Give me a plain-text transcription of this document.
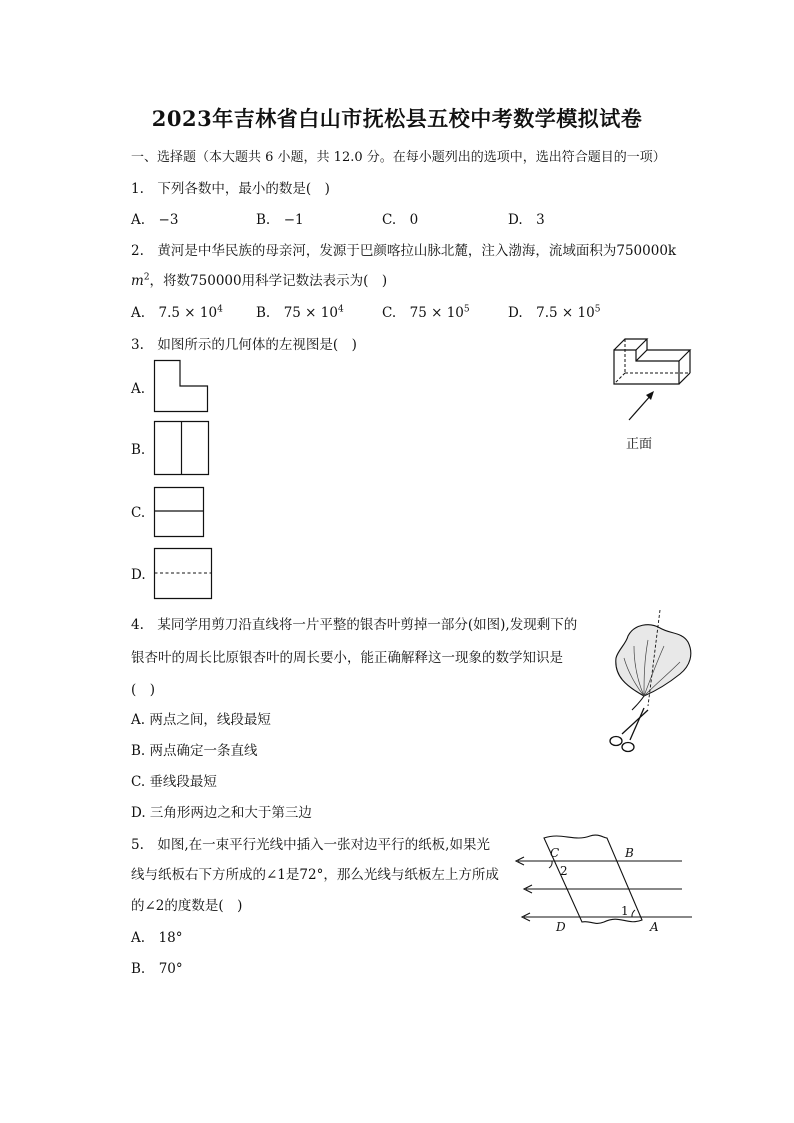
2023年吉林省白山市抚松县五校中考数学模拟试卷
一、选择题（本大题共 6 小题，共 12.0 分。在每小题列出的选项中，选出符合题目的一项）
1.　下列各数中，最小的数是(　)
A.　−3	B.　−1	C.　0	D.　3
2.　黄河是中华民族的母亲河，发源于巴颜喀拉山脉北麓，注入渤海，流域面积为750000k
$m^2$，将数750000用科学记数法表示为(　)
A.　$7.5 \times 10^4$ B.　$75 \times 10^4$	C.　$75 \times 10^5$	D.　$7.5 \times 10^5$
3.　如图所示的几何体的左视图是(　)
A.
B.
C.
D.
正面
4.　某同学用剪刀沿直线将一片平整的银杏叶剪掉一部分(如图),发现剩下的
银杏叶的周长比原银杏叶的周长要小，能正确解释这一现象的数学知识是
(　)
A. 两点之间，线段最短
B. 两点确定一条直线
C. 垂线段最短
D. 三角形两边之和大于第三边
5.　如图,在一束平行光线中插入一张对边平行的纸板,如果光
线与纸板右下方所成的∠1是72°，那么光线与纸板左上方所成
的∠2的度数是(　)
A.　18°
B.　70°
C	B
2
1
D	A
